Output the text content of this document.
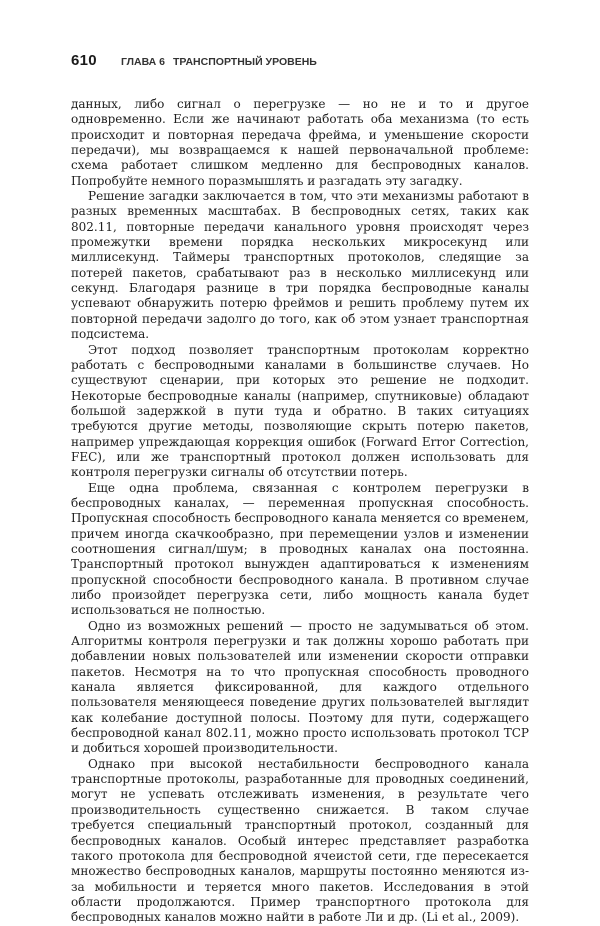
610 ГЛАВА 6 ТРАНСПОРТНЫЙ УРОВЕНЬ

данных, либо сигнал о перегрузке — но не и то и другое одновременно. Если же начинают работать оба механизма (то есть происходит и повторная передача фрейма, и уменьшение скорости передачи), мы возвращаемся к нашей первоначальной проблеме: схема работает слишком медленно для беспроводных каналов. Попробуйте немного поразмышлять и разгадать эту загадку.

Решение загадки заключается в том, что эти механизмы работают в разных временных масштабах. В беспроводных сетях, таких как 802.11, повторные передачи канального уровня происходят через промежутки времени порядка нескольких микросекунд или миллисекунд. Таймеры транспортных протоколов, следящие за потерей пакетов, срабатывают раз в несколько миллисекунд или секунд. Благодаря разнице в три порядка беспроводные каналы успевают обнаружить потерю фреймов и решить проблему путем их повторной передачи задолго до того, как об этом узнает транспортная подсистема.

Этот подход позволяет транспортным протоколам корректно работать с беспроводными каналами в большинстве случаев. Но существуют сценарии, при которых это решение не подходит. Некоторые беспроводные каналы (например, спутниковые) обладают большой задержкой в пути туда и обратно. В таких ситуациях требуются другие методы, позволяющие скрыть потерю пакетов, например упреждающая коррекция ошибок (Forward Error Correction, FEC), или же транспортный протокол должен использовать для контроля перегрузки сигналы об отсутствии потерь.

Еще одна проблема, связанная с контролем перегрузки в беспроводных каналах, — переменная пропускная способность. Пропускная способность беспроводного канала меняется со временем, причем иногда скачкообразно, при перемещении узлов и изменении соотношения сигнал/шум; в проводных каналах она постоянна. Транспортный протокол вынужден адаптироваться к изменениям пропускной способности беспроводного канала. В противном случае либо произойдет перегрузка сети, либо мощность канала будет использоваться не полностью.

Одно из возможных решений — просто не задумываться об этом. Алгоритмы контроля перегрузки и так должны хорошо работать при добавлении новых пользователей или изменении скорости отправки пакетов. Несмотря на то что пропускная способность проводного канала является фиксированной, для каждого отдельного пользователя меняющееся поведение других пользователей выглядит как колебание доступной полосы. Поэтому для пути, содержащего беспроводной канал 802.11, можно просто использовать протокол TCP и добиться хорошей производительности.

Однако при высокой нестабильности беспроводного канала транспортные протоколы, разработанные для проводных соединений, могут не успевать отслеживать изменения, в результате чего производительность существенно снижается. В таком случае требуется специальный транспортный протокол, созданный для беспроводных каналов. Особый интерес представляет разработка такого протокола для беспроводной ячеистой сети, где пересекается множество беспроводных каналов, маршруты постоянно меняются из-за мобильности и теряется много пакетов. Исследования в этой области продолжаются. Пример транспортного протокола для беспроводных каналов можно найти в работе Ли и др. (Li et al., 2009).
